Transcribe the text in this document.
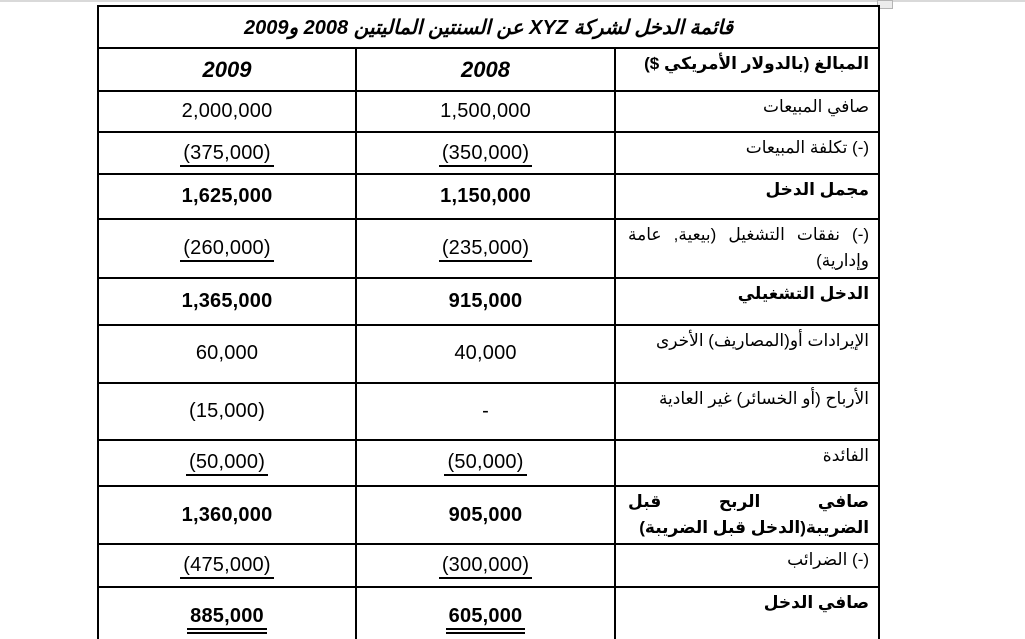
قائمة الدخل لشركة XYZ عن السنتين الماليتين 2008 و2009		
المبالغ (بالدولار الأمريكي $)	2008	2009
صافي المبيعات	1,500,000	2,000,000
(-) تكلفة المبيعات	(350,000)	(375,000)
مجمل الدخل	1,150,000	1,625,000
(-) نفقات التشغيل (بيعية, عامة وإدارية)	(235,000)	(260,000)
الدخل التشغيلي	915,000	1,365,000
الإيرادات أو(المصاريف) الأخرى	40,000	60,000
الأرباح (أو الخسائر) غير العادية	-	(15,000)
الفائدة	(50,000)	(50,000)
صافي الربح قبل الضريبة(الدخل قبل الضريبة)	905,000	1,360,000
(-) الضرائب	(300,000)	(475,000)
صافي الدخل	605,000	885,000
